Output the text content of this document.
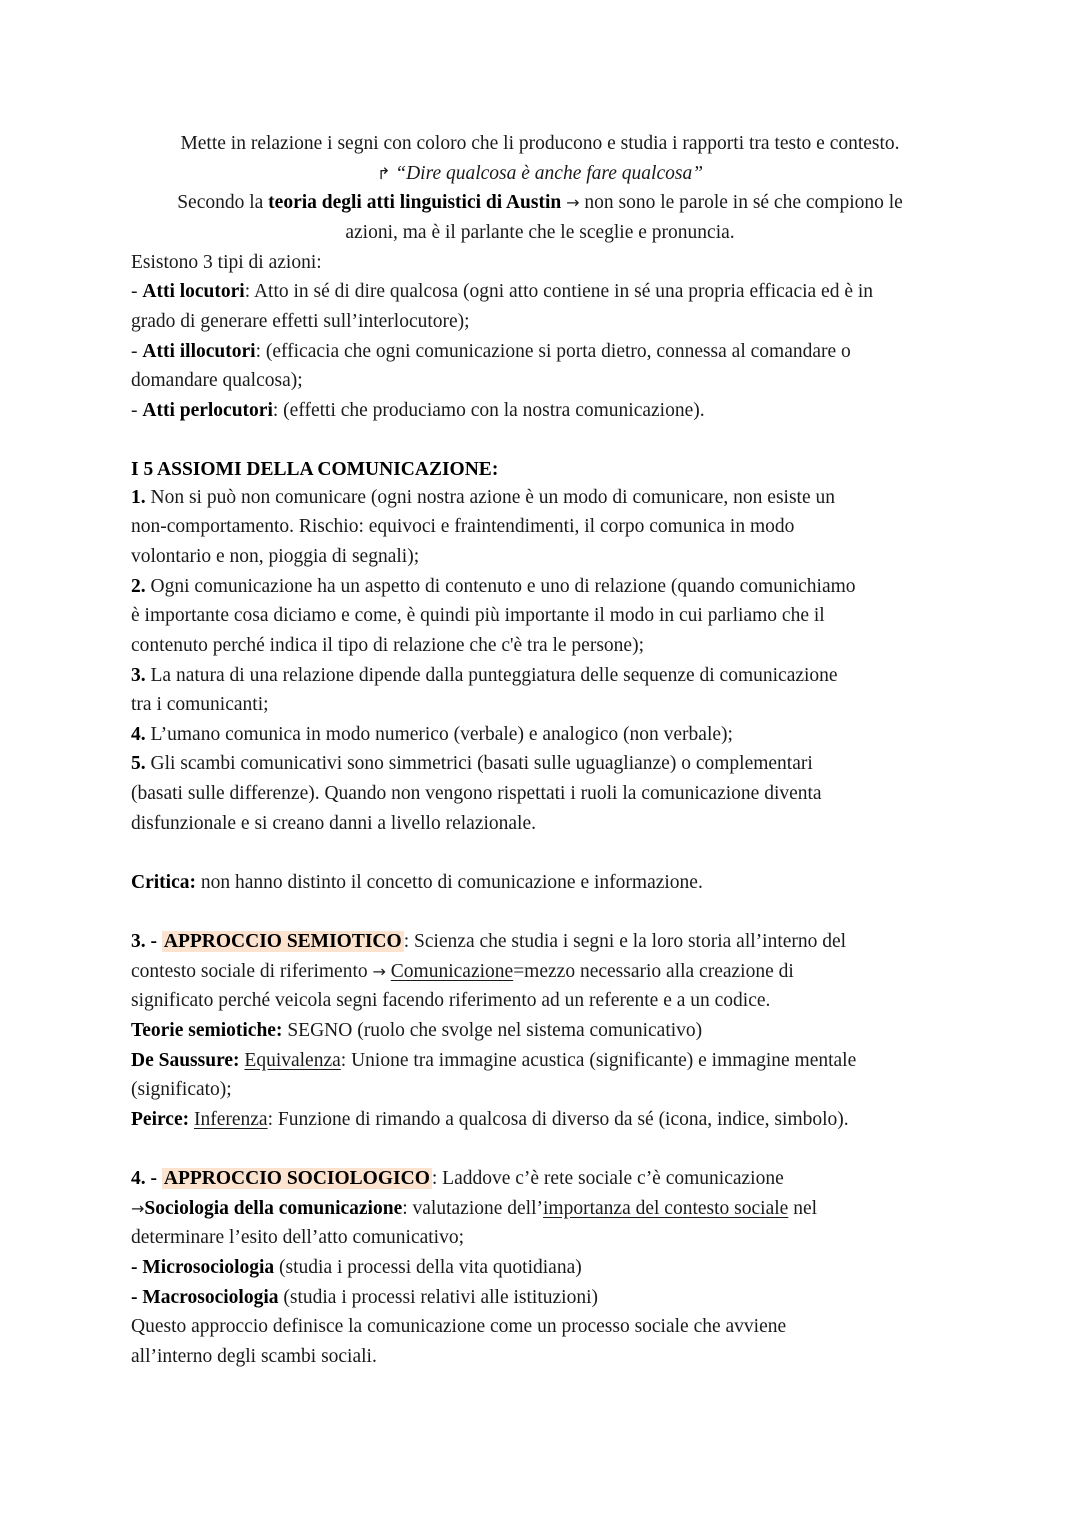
Mette in relazione i segni con coloro che li producono e studia i rapporti tra testo e contesto.
↱ “Dire qualcosa è anche fare qualcosa”
Secondo la teoria degli atti linguistici di Austin → non sono le parole in sé che compiono le
azioni, ma è il parlante che le sceglie e pronuncia.
Esistono 3 tipi di azioni:
- Atti locutori: Atto in sé di dire qualcosa (ogni atto contiene in sé una propria efficacia ed è in
grado di generare effetti sull’interlocutore);
- Atti illocutori: (efficacia che ogni comunicazione si porta dietro, connessa al comandare o
domandare qualcosa);
- Atti perlocutori: (effetti che produciamo con la nostra comunicazione).
I 5 ASSIOMI DELLA COMUNICAZIONE:
1. Non si può non comunicare (ogni nostra azione è un modo di comunicare, non esiste un
non-comportamento. Rischio: equivoci e fraintendimenti, il corpo comunica in modo
volontario e non, pioggia di segnali);
2. Ogni comunicazione ha un aspetto di contenuto e uno di relazione (quando comunichiamo
è importante cosa diciamo e come, è quindi più importante il modo in cui parliamo che il
contenuto perché indica il tipo di relazione che c'è tra le persone);
3. La natura di una relazione dipende dalla punteggiatura delle sequenze di comunicazione
tra i comunicanti;
4. L’umano comunica in modo numerico (verbale) e analogico (non verbale);
5. Gli scambi comunicativi sono simmetrici (basati sulle uguaglianze) o complementari
(basati sulle differenze). Quando non vengono rispettati i ruoli la comunicazione diventa
disfunzionale e si creano danni a livello relazionale.
Critica: non hanno distinto il concetto di comunicazione e informazione.
3. - APPROCCIO SEMIOTICO : Scienza che studia i segni e la loro storia all’interno del
contesto sociale di riferimento → Comunicazione=mezzo necessario alla creazione di
significato perché veicola segni facendo riferimento ad un referente e a un codice.
Teorie semiotiche: SEGNO (ruolo che svolge nel sistema comunicativo)
De Saussure: Equivalenza: Unione tra immagine acustica (significante) e immagine mentale
(significato);
Peirce: Inferenza: Funzione di rimando a qualcosa di diverso da sé (icona, indice, simbolo).
4. - APPROCCIO SOCIOLOGICO : Laddove c’è rete sociale c’è comunicazione
→Sociologia della comunicazione: valutazione dell’importanza del contesto sociale nel
determinare l’esito dell’atto comunicativo;
- Microsociologia (studia i processi della vita quotidiana)
- Macrosociologia (studia i processi relativi alle istituzioni)
Questo approccio definisce la comunicazione come un processo sociale che avviene
all’interno degli scambi sociali.
